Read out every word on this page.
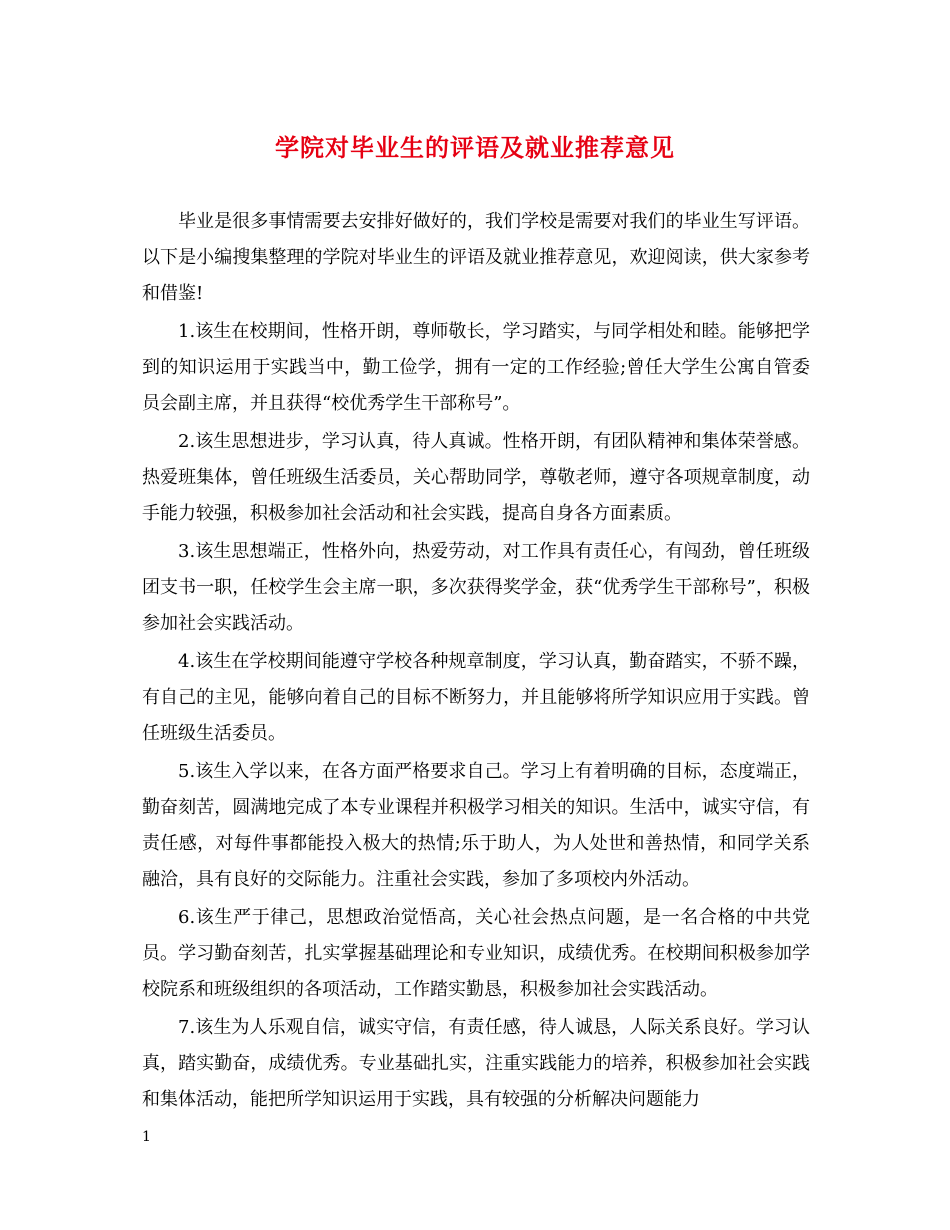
学院对毕业生的评语及就业推荐意见

毕业是很多事情需要去安排好做好的，我们学校是需要对我们的毕业生写评语。以下是小编搜集整理的学院对毕业生的评语及就业推荐意见，欢迎阅读，供大家参考和借鉴!

1.该生在校期间，性格开朗，尊师敬长，学习踏实，与同学相处和睦。能够把学到的知识运用于实践当中，勤工俭学，拥有一定的工作经验;曾任大学生公寓自管委员会副主席，并且获得“校优秀学生干部称号”。

2.该生思想进步，学习认真，待人真诚。性格开朗，有团队精神和集体荣誉感。热爱班集体，曾任班级生活委员，关心帮助同学，尊敬老师，遵守各项规章制度，动手能力较强，积极参加社会活动和社会实践，提高自身各方面素质。

3.该生思想端正，性格外向，热爱劳动，对工作具有责任心，有闯劲，曾任班级团支书一职，任校学生会主席一职，多次获得奖学金，获“优秀学生干部称号”，积极参加社会实践活动。

4.该生在学校期间能遵守学校各种规章制度，学习认真，勤奋踏实，不骄不躁，有自己的主见，能够向着自己的目标不断努力，并且能够将所学知识应用于实践。曾任班级生活委员。

5.该生入学以来，在各方面严格要求自己。学习上有着明确的目标，态度端正，勤奋刻苦，圆满地完成了本专业课程并积极学习相关的知识。生活中，诚实守信，有责任感，对每件事都能投入极大的热情;乐于助人，为人处世和善热情，和同学关系融洽，具有良好的交际能力。注重社会实践，参加了多项校内外活动。

6.该生严于律己，思想政治觉悟高，关心社会热点问题，是一名合格的中共党员。学习勤奋刻苦，扎实掌握基础理论和专业知识，成绩优秀。在校期间积极参加学校院系和班级组织的各项活动，工作踏实勤恳，积极参加社会实践活动。

7.该生为人乐观自信，诚实守信，有责任感，待人诚恳，人际关系良好。学习认真，踏实勤奋，成绩优秀。专业基础扎实，注重实践能力的培养，积极参加社会实践和集体活动，能把所学知识运用于实践，具有较强的分析解决问题能力

1
